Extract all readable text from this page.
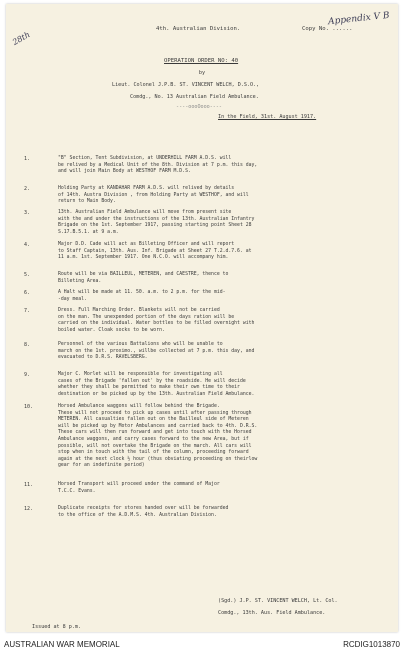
Appendix V B
28th
4th. Australian Division.	Copy No. ......
OPERATION ORDER NO: 40
by
Lieut. Colonel J.P.B. ST. VINCENT WELCH, D.S.O.,
Comdg., No. 13 Australian Field Ambulance.
----oooOooo----
In the Field, 31st. August 1917.
1.	"B" Section, Tent Subdivision, at UNDERHILL FARM A.D.S. will
be relived by a Medical Unit of the 8th. Division at 7 p.m. this day,
and will join Main Body at WESTHOF FARM M.D.S.
2.	Holding Party at KANDAHAR FARM A.D.S. will relived by details
of 14th. Austra Division , from Holding Party at WESTHOF, and will
return to Main Body.
3.	13th. Australian Field Ambulance will move from present site
with the and under the instructions of the 13th. Australian Infantry
Brigade on the 1st. September 1917, passing starting point Sheet 28
S.17.B.5.1. at 9 a.m.
4.	Major D.D. Cade will act as Billeting Officer and will report
to Staff Captain, 13th. Aus. Inf. Brigade at Sheet 27 T.2.d.7.6. at
11 a.m. 1st. September 1917. One N.C.O. will accompany him.
5.	Route will be via BAILLEUL, METEREN, and CAESTRE, thence to
Billeting Area.
6.	A Halt will be made at 11. 50. a.m. to 2 p.m. for the mid-
-day meal.
7.	Dress. Full Marching Order. Blankets will not be carried
on the man. The unexpended portion of the days ration will be
carried on the individual. Water bottles to be filled overnight with
boiled water. Cloak socks to be worn.
8.	Personnel of the various Battalions who will be unable to
march on the 1st. proximo., willbe collected at 7 p.m. this day, and
evacuated to D.R.S. RAVELSBERG.
9.	Major C. Morlet will be responsible for investigating all
cases of the Brigade 'fallen out' by the roadside. He will decide
whether they shall be permitted to make their own time to their
destination or be picked up by the 13th. Australian Field Ambulance.
10.	Horsed Ambulance waggons will follow behind the Brigade.
These will not proceed to pick up cases until after passing through
METEREN. All casualties fallen out on the Bailleul side of Meteren
will be picked up by Motor Ambulances and carried back to 4th. D.R.S.
These cars will then run forward and get into touch with the Horsed
Ambulance waggons, and carry cases forward to the new Area, but if
possible, will not overtake the Brigade on the march. All cars will
stop when in touch with the tail of the column, proceeding forward
again at the next clock ½ hour (thus obviating proceeding on theirlow
gear for an indefinite period)
11.	Horsed Transport will proceed under the command of Major
T.C.C. Evans.
12.	Duplicate receipts for stores handed over will be forwarded
to the office of the A.D.M.S. 4th. Australian Division.
(Sgd.) J.P. ST. VINCENT WELCH, Lt. Col.
Comdg., 13th. Aus. Field Ambulance.
Issued at 8 p.m.
AUSTRALIAN WAR MEMORIAL	RCDIG1013870
